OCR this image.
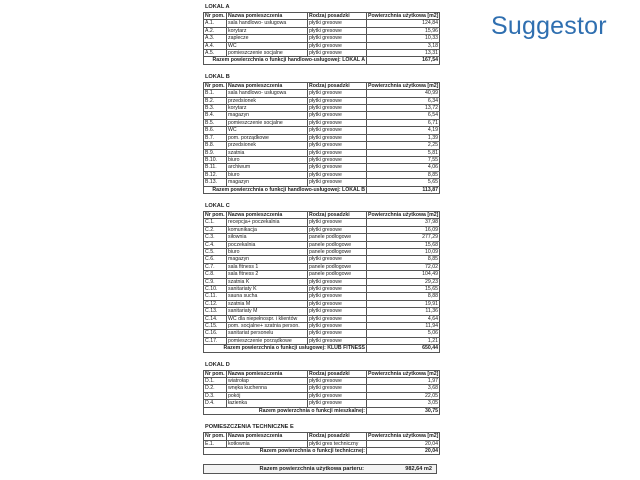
Suggestor
LOKAL A
Nr pom.	Nazwa pomieszczenia	Rodzaj posadzki	Powierzchnia użytkowa [m2]
A.1.	sala handlowo- usługowa	płytki gresowe	124,84
A.2.	korytarz	płytki gresowe	15,96
A.3.	zaplecze	płytki gresowe	10,33
A.4.	WC	płytki gresowe	3,18
A.5.	pomieszczenie socjalne	płytki gresowe	13,31
Razem powierzchnia o funkcji handlowo-usługowej: LOKAL A			167,54
LOKAL B
Nr pom.	Nazwa pomieszczenia	Rodzaj posadzki	Powierzchnia użytkowa [m2]
B.1.	sala handlowo- usługowa	płytki gresowe	40,99
B.2.	przedsionek	płytki gresowe	6,34
B.3.	korytarz	płytki gresowe	13,72
B.4.	magazyn	płytki gresowe	6,54
B.5.	pomieszczenie socjalne	płytki gresowe	6,71
B.6.	WC	płytki gresowe	4,19
B.7.	pom. porządkowe	płytki gresowe	1,39
B.8.	przedsionek	płytki gresowe	2,25
B.9.	szatnia	płytki gresowe	5,81
B.10.	biuro	płytki gresowe	7,55
B.11.	archiwum	płytki gresowe	4,06
B.12.	biuro	płytki gresowe	8,85
B.13.	magazyn	płytki gresowe	5,65
Razem powierzchnia o funkcji handlowo-usługowej: LOKAL B			113,87
LOKAL C
Nr pom.	Nazwa pomieszczenia	Rodzaj posadzki	Powierzchnia użytkowa [m2]
C.1.	recepcja+ poczekalnia	płytki gresowe	37,98
C.2.	komunikacja	płytki gresowe	16,09
C.3.	siłownia	panele podłogowe	277,29
C.4.	poczekalnia	panele podłogowe	15,68
C.5.	biuro	panele podłogowe	10,09
C.6.	magazyn	płytki gresowe	8,85
C.7.	sala fitness 1	panele podłogowe	72,02
C.8.	sala fitness 2	panele podłogowe	104,49
C.9.	szatnia K	płytki gresowe	29,23
C.10.	sanitariaty K	płytki gresowe	15,65
C.11.	sauna sucha	płytki gresowe	8,88
C.12.	szatnia M	płytki gresowe	19,91
C.13.	sanitariaty M	płytki gresowe	11,36
C.14.	WC dla niepełnospr. i klientów	płytki gresowe	4,64
C.15.	pom. socjalne+ szatnia person.	płytki gresowe	11,94
C.16.	sanitariat personelu	płytki gresowe	5,06
C.17.	pomieszczenie porządkowe	płytki gresowe	1,21
Razem powierzchnia o funkcji usługowej: KLUB FITNESS			650,44
LOKAL D
Nr pom.	Nazwa pomieszczenia	Rodzaj posadzki	Powierzchnia użytkowa [m2]
D.1.	wiatrołap	płytki gresowe	1,97
D.2.	wnęka kuchenna	płytki gresowe	3,68
D.3.	pokój	płytki gresowe	22,05
D.4.	łazienka	płytki gresowe	3,05
Razem powierzchnia o funkcji mieszkalnej:			30,75
POMIESZCZENIA TECHNICZNE E
Nr pom.	Nazwa pomieszczenia	Rodzaj posadzki	Powierzchnia użytkowa [m2]
E.1.	kotłownia	płytki gres techniczny	20,04
Razem powierzchnia o funkcji technicznej:			20,04
Razem powierzchnia użytkowa parteru:	982,64 m2
